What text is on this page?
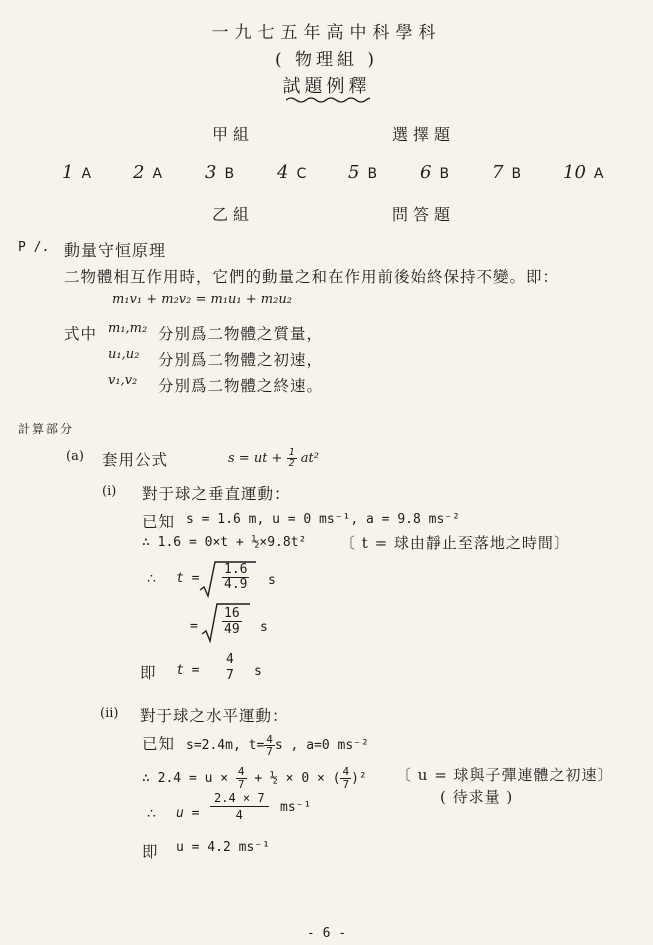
一九七五年高中科學科
( 物理組 )
試題例釋
甲組	選擇題
1 A 2 A 3 B 4 C 5 B 6 B 7 B 10 A
乙組	問答題
P /. 動量守恒原理
二物體相互作用時，它們的動量之和在作用前後始終保持不變。即：
m₁v₁ + m₂v₂ = m₁u₁ + m₂u₂
式中 m₁,m₂ 分別爲二物體之質量，
u₁,u₂ 分別爲二物體之初速，
v₁,v₂ 分別爲二物體之終速。
計算部分
(a) 套用公式	s = ut + $\frac{1}{2} at^2$
(i) 對于球之垂直運動：
已知 s = 1.6 m, u = 0 ms⁻¹, a = 9.8 ms⁻²
∴ 1.6 = 0×t + ½×9.8t² 〔 t = 球由靜止至落地之時間〕
∴ $t = \frac{1.6}{4.9}$ s
= $\frac{16}{49}$ s
即 t =
4
7 s
(ii) 對于球之水平運動：
已知 s=2.4m, $t= \frac{4}{7}$ s , a=0 ms⁻²
∴ $2.4 = u \times \frac{4}{7}$ + ½ × 0 × ( $\frac{4}{7} )^2$ 〔 u = 球與子彈連體之初速〕
( 待求量 )
∴ $u = \frac{2.4 \times 7}{4} ms^{-1}$
即 u = 4.2 ms⁻¹
- 6 -
